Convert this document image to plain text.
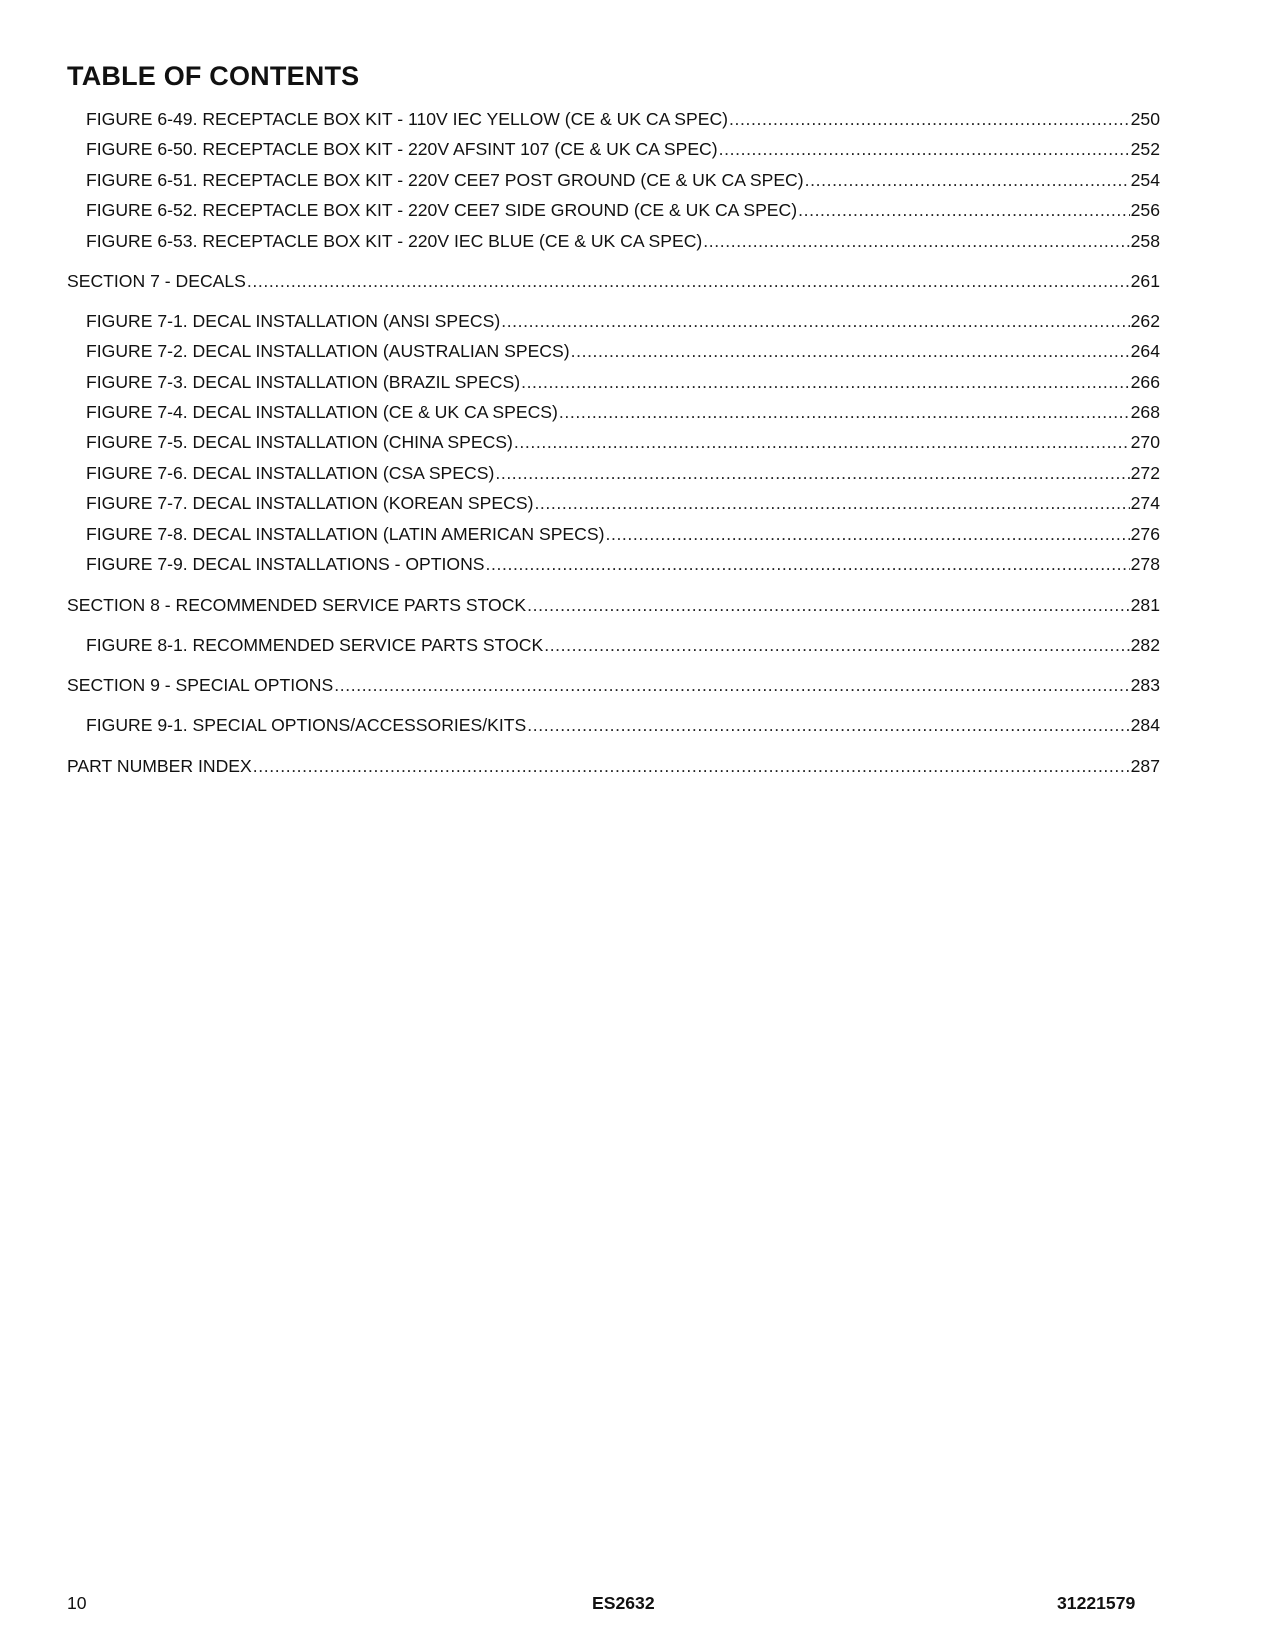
TABLE OF CONTENTS
FIGURE 6-49. RECEPTACLE BOX KIT - 110V IEC YELLOW (CE & UK CA SPEC) .....	250
FIGURE 6-50. RECEPTACLE BOX KIT - 220V AFSINT 107 (CE & UK CA SPEC) .....	252
FIGURE 6-51. RECEPTACLE BOX KIT - 220V CEE7 POST GROUND (CE & UK CA SPEC) .....	254
FIGURE 6-52. RECEPTACLE BOX KIT - 220V CEE7 SIDE GROUND (CE & UK CA SPEC) .....	256
FIGURE 6-53. RECEPTACLE BOX KIT - 220V IEC BLUE (CE & UK CA SPEC) .....	258
SECTION 7 - DECALS .....	261
FIGURE 7-1. DECAL INSTALLATION (ANSI SPECS) .....	262
FIGURE 7-2. DECAL INSTALLATION (AUSTRALIAN SPECS) .....	264
FIGURE 7-3. DECAL INSTALLATION (BRAZIL SPECS) .....	266
FIGURE 7-4. DECAL INSTALLATION (CE & UK CA SPECS) .....	268
FIGURE 7-5. DECAL INSTALLATION (CHINA SPECS) .....	270
FIGURE 7-6. DECAL INSTALLATION (CSA SPECS) .....	272
FIGURE 7-7. DECAL INSTALLATION (KOREAN SPECS) .....	274
FIGURE 7-8. DECAL INSTALLATION (LATIN AMERICAN SPECS) .....	276
FIGURE 7-9. DECAL INSTALLATIONS - OPTIONS .....	278
SECTION 8 - RECOMMENDED SERVICE PARTS STOCK .....	281
FIGURE 8-1. RECOMMENDED SERVICE PARTS STOCK .....	282
SECTION 9 - SPECIAL OPTIONS .....	283
FIGURE 9-1. SPECIAL OPTIONS/ACCESSORIES/KITS .....	284
PART NUMBER INDEX .....	287
10	ES2632	31221579
